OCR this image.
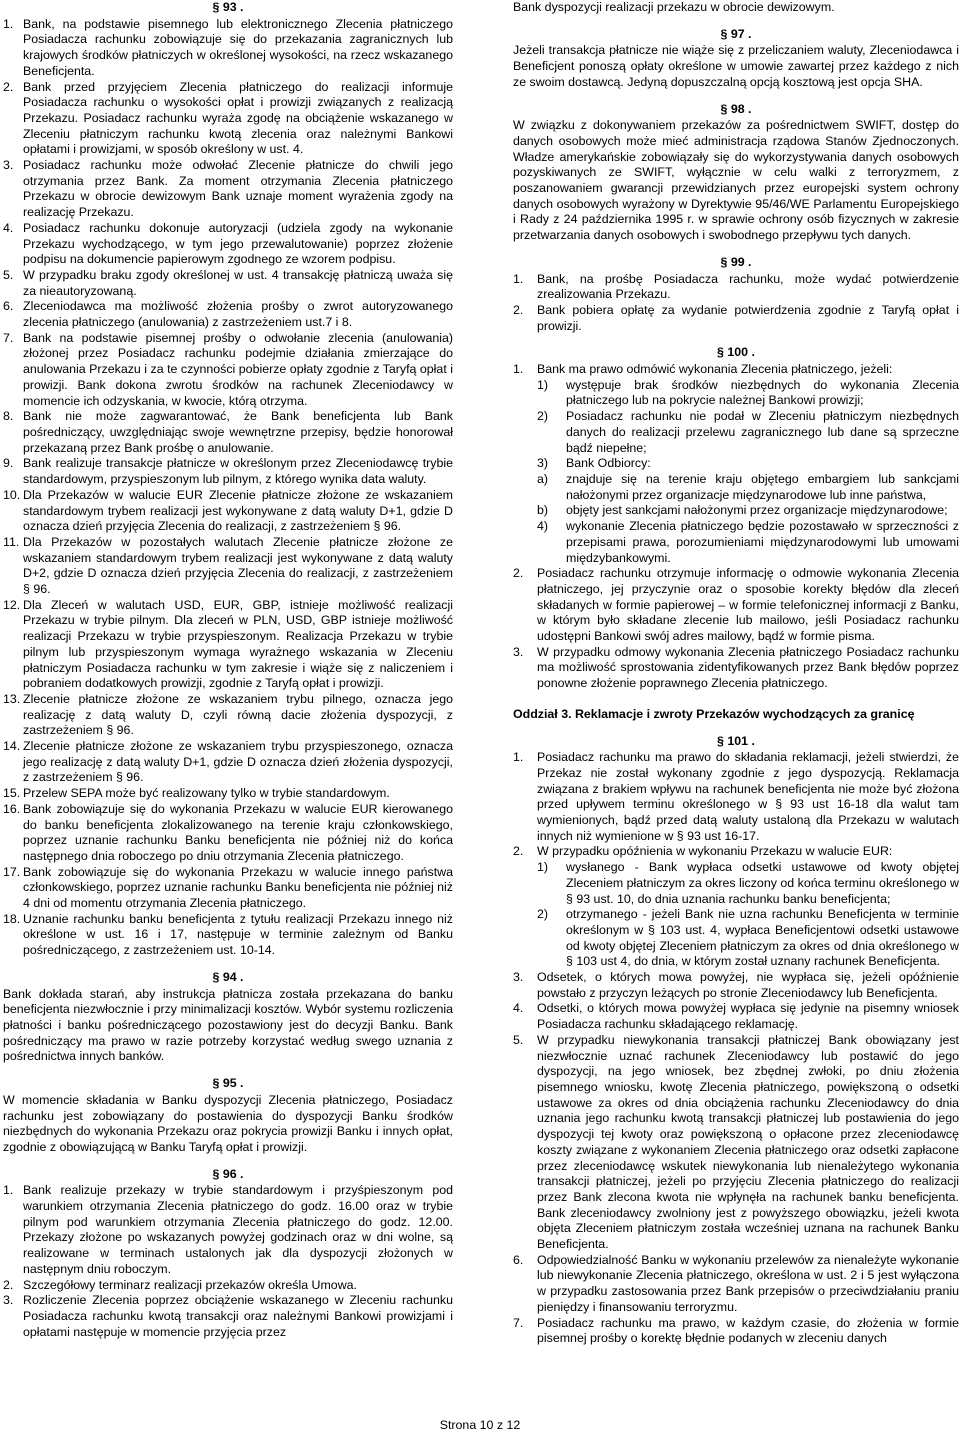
§ 93 .

1. Bank, na podstawie pisemnego lub elektronicznego Zlecenia płatniczego Posiadacza rachunku zobowiązuje się do przekazania zagranicznych lub krajowych środków płatniczych w określonej wysokości, na rzecz wskazanego Beneficjenta.
2. Bank przed przyjęciem Zlecenia płatniczego do realizacji informuje Posiadacza rachunku o wysokości opłat i prowizji związanych z realizacją Przekazu. Posiadacz rachunku wyraża zgodę na obciążenie wskazanego w Zleceniu płatniczym rachunku kwotą zlecenia oraz należnymi Bankowi opłatami i prowizjami, w sposób określony w ust. 4.
3. Posiadacz rachunku może odwołać Zlecenie płatnicze do chwili jego otrzymania przez Bank. Za moment otrzymania Zlecenia płatniczego Przekazu w obrocie dewizowym Bank uznaje moment wyrażenia zgody na realizację Przekazu.
4. Posiadacz rachunku dokonuje autoryzacji (udziela zgody na wykonanie Przekazu wychodzącego, w tym jego przewalutowanie) poprzez złożenie podpisu na dokumencie papierowym zgodnego ze wzorem podpisu.
5. W przypadku braku zgody określonej w ust. 4 transakcję płatniczą uważa się za nieautoryzowaną.
6. Zleceniodawca ma możliwość złożenia prośby o zwrot autoryzowanego zlecenia płatniczego (anulowania) z zastrzeżeniem ust.7 i 8.
7. Bank na podstawie pisemnej prośby o odwołanie zlecenia (anulowania) złożonej przez Posiadacz rachunku podejmie działania zmierzające do anulowania Przekazu i za te czynności pobierze opłaty zgodnie z Taryfą opłat i prowizji. Bank dokona zwrotu środków na rachunek Zleceniodawcy w momencie ich odzyskania, w kwocie, którą otrzyma.
8. Bank nie może zagwarantować, że Bank beneficjenta lub Bank pośredniczący, uwzględniając swoje wewnętrzne przepisy, będzie honorował przekazaną przez Bank prośbę o anulowanie.
9. Bank realizuje transakcje płatnicze w określonym przez Zleceniodawcę trybie standardowym, przyspieszonym lub pilnym, z którego wynika data waluty.
10. Dla Przekazów w walucie EUR Zlecenie płatnicze złożone ze wskazaniem standardowym trybem realizacji jest wykonywane z datą waluty D+1, gdzie D oznacza dzień przyjęcia Zlecenia do realizacji, z zastrzeżeniem § 96.
11. Dla Przekazów w pozostałych walutach Zlecenie płatnicze złożone ze wskazaniem standardowym trybem realizacji jest wykonywane z datą waluty D+2, gdzie D oznacza dzień przyjęcia Zlecenia do realizacji, z zastrzeżeniem § 96.
12. Dla Zleceń w walutach USD, EUR, GBP, istnieje możliwość realizacji Przekazu w trybie pilnym. Dla zleceń w PLN, USD, GBP istnieje możliwość realizacji Przekazu w trybie przyspieszonym. Realizacja Przekazu w trybie pilnym lub przyspieszonym wymaga wyrażnego wskazania w Zleceniu płatniczym Posiadacza rachunku w tym zakresie i wiąże się z naliczeniem i pobraniem dodatkowych prowizji, zgodnie z Taryfą opłat i prowizji.
13. Zlecenie płatnicze złożone ze wskazaniem trybu pilnego, oznacza jego realizację z datą waluty D, czyli równą dacie złożenia dyspozycji, z zastrzeżeniem § 96.
14. Zlecenie płatnicze złożone ze wskazaniem trybu przyspieszonego, oznacza jego realizację z datą waluty D+1, gdzie D oznacza dzień złożenia dyspozycji, z zastrzeżeniem § 96.
15. Przelew SEPA może być realizowany tylko w trybie standardowym.
16. Bank zobowiązuje się do wykonania Przekazu w walucie EUR kierowanego do banku beneficjenta zlokalizowanego na terenie kraju członkowskiego, poprzez uznanie rachunku Banku beneficjenta nie później niż do końca następnego dnia roboczego po dniu otrzymania Zlecenia płatniczego.
17. Bank zobowiązuje się do wykonania Przekazu w walucie innego państwa członkowskiego, poprzez uznanie rachunku Banku beneficjenta nie później niż 4 dni od momentu otrzymania Zlecenia płatniczego.
18. Uznanie rachunku banku beneficjenta z tytułu realizacji Przekazu innego niż określone w ust. 16 i 17, następuje w terminie zależnym od Banku pośredniczącego, z zastrzeżeniem ust. 10-14.

§ 94 .

Bank dokłada starań, aby instrukcja płatnicza została przekazana do banku beneficjenta niezwłocznie i przy minimalizacji kosztów. Wybór systemu rozliczenia płatności i banku pośredniczącego pozostawiony jest do decyzji Banku. Bank pośredniczący ma prawo w razie potrzeby korzystać według swego uznania z pośrednictwa innych banków.

§ 95 .

W momencie składania w Banku dyspozycji Zlecenia płatniczego, Posiadacz rachunku jest zobowiązany do postawienia do dyspozycji Banku środków niezbędnych do wykonania Przekazu oraz pokrycia prowizji Banku i innych opłat, zgodnie z obowiązującą w Banku Taryfą opłat i prowizji.

§ 96 .

1. Bank realizuje przekazy w trybie standardowym i przyśpieszonym pod warunkiem otrzymania Zlecenia płatniczego do godz. 16.00 oraz w trybie pilnym pod warunkiem otrzymania Zlecenia płatniczego do godz. 12.00. Przekazy złożone po wskazanych powyżej godzinach oraz w dni wolne, są realizowane w terminach ustalonych jak dla dyspozycji złożonych w następnym dniu roboczym.
2. Szczegółowy terminarz realizacji przekazów określa Umowa.
3. Rozliczenie Zlecenia poprzez obciążenie wskazanego w Zleceniu rachunku Posiadacza rachunku kwotą transakcji oraz należnymi Bankowi prowizjami i opłatami następuje w momencie przyjęcia przez

Bank dyspozycji realizacji przekazu w obrocie dewizowym.

§ 97 .

Jeżeli transakcja płatnicze nie wiąże się z przeliczaniem waluty, Zleceniodawca i Beneficjent ponoszą opłaty określone w umowie zawartej przez każdego z nich ze swoim dostawcą. Jedyną dopuszczalną opcją kosztową jest opcja SHA.

§ 98 .

W związku z dokonywaniem przekazów za pośrednictwem SWIFT, dostęp do danych osobowych może mieć administracja rządowa Stanów Zjednoczonych. Władze amerykańskie zobowiązały się do wykorzystywania danych osobowych pozyskiwanych ze SWIFT, wyłącznie w celu walki z terroryzmem, z poszanowaniem gwarancji przewidzianych przez europejski system ochrony danych osobowych wyrażony w Dyrektywie 95/46/WE Parlamentu Europejskiego i Rady z 24 października 1995 r. w sprawie ochrony osób fizycznych w zakresie przetwarzania danych osobowych i swobodnego przepływu tych danych.

§ 99 .

1. Bank, na prośbę Posiadacza rachunku, może wydać potwierdzenie zrealizowania Przekazu.
2. Bank pobiera opłatę za wydanie potwierdzenia zgodnie z Taryfą opłat i prowizji.

§ 100 .

1. Bank ma prawo odmówić wykonania Zlecenia płatniczego, jeżeli:
1) występuje brak środków niezbędnych do wykonania Zlecenia płatniczego lub na pokrycie należnej Bankowi prowizji;
2) Posiadacz rachunku nie podał w Zleceniu płatniczym niezbędnych danych do realizacji przelewu zagranicznego lub dane są sprzeczne bądź niepełne;
3) Bank Odbiorcy:
a) znajduje się na terenie kraju objętego embargiem lub sankcjami nałożonymi przez organizacje międzynarodowe lub inne państwa,
b) objęty jest sankcjami nałożonymi przez organizacje międzynarodowe;
4) wykonanie Zlecenia płatniczego będzie pozostawało w sprzeczności z przepisami prawa, porozumieniami międzynarodowymi lub umowami międzybankowymi.
2. Posiadacz rachunku otrzymuje informację o odmowie wykonania Zlecenia płatniczego, jej przyczynie oraz o sposobie korekty błędów dla zleceń składanych w formie papierowej – w formie telefonicznej informacji z Banku, w którym było składane zlecenie lub mailowo, jeśli Posiadacz rachunku udostępni Bankowi swój adres mailowy, bądź w formie pisma.
3. W przypadku odmowy wykonania Zlecenia płatniczego Posiadacz rachunku ma możliwość sprostowania zidentyfikowanych przez Bank błędów poprzez ponowne złożenie poprawnego Zlecenia płatniczego.

Oddział 3. Reklamacje i zwroty Przekazów wychodzących za granicę

§ 101 .

1. Posiadacz rachunku ma prawo do składania reklamacji, jeżeli stwierdzi, że Przekaz nie został wykonany zgodnie z jego dyspozycją. Reklamacja związana z brakiem wpływu na rachunek beneficjenta nie może być złożona przed upływem terminu określonego w § 93 ust 16-18 dla walut tam wymienionych, bądź przed datą waluty ustaloną dla Przekazu w walutach innych niż wymienione w § 93 ust 16-17.
2. W przypadku opóźnienia w wykonaniu Przekazu w walucie EUR:
1) wysłanego - Bank wypłaca odsetki ustawowe od kwoty objętej Zleceniem płatniczym za okres liczony od końca terminu określonego w § 93 ust. 10, do dnia uznania rachunku banku beneficjenta;
2) otrzymanego - jeżeli Bank nie uzna rachunku Beneficjenta w terminie określonym w § 103 ust. 4, wypłaca Beneficjentowi odsetki ustawowe od kwoty objętej Zleceniem płatniczym za okres od dnia określonego w § 103 ust 4, do dnia, w którym został uznany rachunek Beneficjenta.
3. Odsetek, o których mowa powyżej, nie wypłaca się, jeżeli opóźnienie powstało z przyczyn leżących po stronie Zleceniodawcy lub Beneficjenta.
4. Odsetki, o których mowa powyżej wypłaca się jedynie na pisemny wniosek Posiadacza rachunku składającego reklamację.
5. W przypadku niewykonania transakcji płatniczej Bank obowiązany jest niezwłocznie uznać rachunek Zleceniodawcy lub postawić do jego dyspozycji, na jego wniosek, bez zbędnej zwłoki, po dniu złożenia pisemnego wniosku, kwotę Zlecenia płatniczego, powiększoną o odsetki ustawowe za okres od dnia obciążenia rachunku Zleceniodawcy do dnia uznania jego rachunku kwotą transakcji płatniczej lub postawienia do jego dyspozycji tej kwoty oraz powiększoną o opłacone przez zleceniodawcę koszty związane z wykonaniem Zlecenia płatniczego oraz odsetki zapłacone przez zleceniodawcę wskutek niewykonania lub nienależytego wykonania transakcji płatniczej, jeżeli po przyjęciu Zlecenia płatniczego do realizacji przez Bank zlecona kwota nie wpłynęła na rachunek banku beneficjenta. Bank zleceniodawcy zwolniony jest z powyższego obowiązku, jeżeli kwota objęta Zleceniem płatniczym została wcześniej uznana na rachunek Banku Beneficjenta.
6. Odpowiedzialność Banku w wykonaniu przelewów za nienależyte wykonanie lub niewykonanie Zlecenia płatniczego, określona w ust. 2 i 5 jest wyłączona w przypadku zastosowania przez Bank przepisów o przeciwdziałaniu praniu pieniędzy i finansowaniu terroryzmu.
7. Posiadacz rachunku ma prawo, w każdym czasie, do złożenia w formie pisemnej prośby o korektę błędnie podanych w zleceniu danych
Strona 10 z 12
